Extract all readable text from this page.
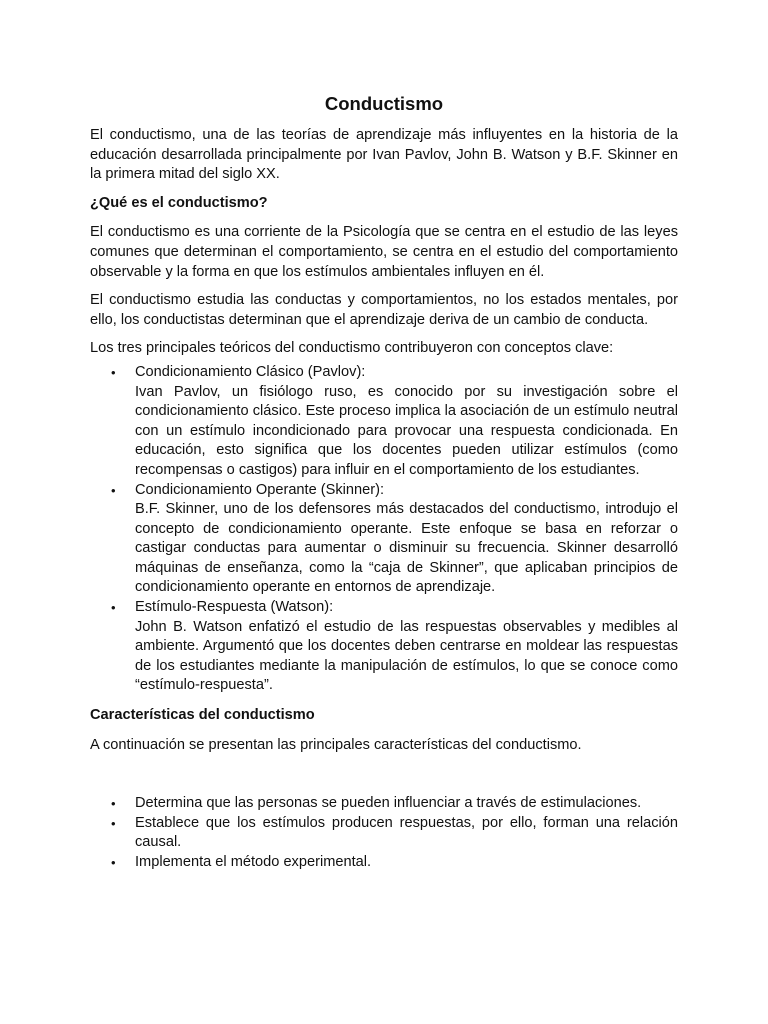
Conductismo

El conductismo, una de las teorías de aprendizaje más influyentes en la historia de la educación desarrollada principalmente por Ivan Pavlov, John B. Watson y B.F. Skinner en la primera mitad del siglo XX.

¿Qué es el conductismo?

El conductismo es una corriente de la Psicología que se centra en el estudio de las leyes comunes que determinan el comportamiento, se centra en el estudio del comportamiento observable y la forma en que los estímulos ambientales influyen en él.

El conductismo estudia las conductas y comportamientos, no los estados mentales, por ello, los conductistas determinan que el aprendizaje deriva de un cambio de conducta.

Los tres principales teóricos del conductismo contribuyeron con conceptos clave:

• Condicionamiento Clásico (Pavlov):
Ivan Pavlov, un fisiólogo ruso, es conocido por su investigación sobre el condicionamiento clásico. Este proceso implica la asociación de un estímulo neutral con un estímulo incondicionado para provocar una respuesta condicionada. En educación, esto significa que los docentes pueden utilizar estímulos (como recompensas o castigos) para influir en el comportamiento de los estudiantes.
• Condicionamiento Operante (Skinner):
B.F. Skinner, uno de los defensores más destacados del conductismo, introdujo el concepto de condicionamiento operante. Este enfoque se basa en reforzar o castigar conductas para aumentar o disminuir su frecuencia. Skinner desarrolló máquinas de enseñanza, como la “caja de Skinner”, que aplicaban principios de condicionamiento operante en entornos de aprendizaje.
• Estímulo-Respuesta (Watson):
John B. Watson enfatizó el estudio de las respuestas observables y medibles al ambiente. Argumentó que los docentes deben centrarse en moldear las respuestas de los estudiantes mediante la manipulación de estímulos, lo que se conoce como “estímulo-respuesta”.
Características del conductismo

A continuación se presentan las principales características del conductismo.

• Determina que las personas se pueden influenciar a través de estimulaciones.
• Establece que los estímulos producen respuestas, por ello, forman una relación causal.
• Implementa el método experimental.
